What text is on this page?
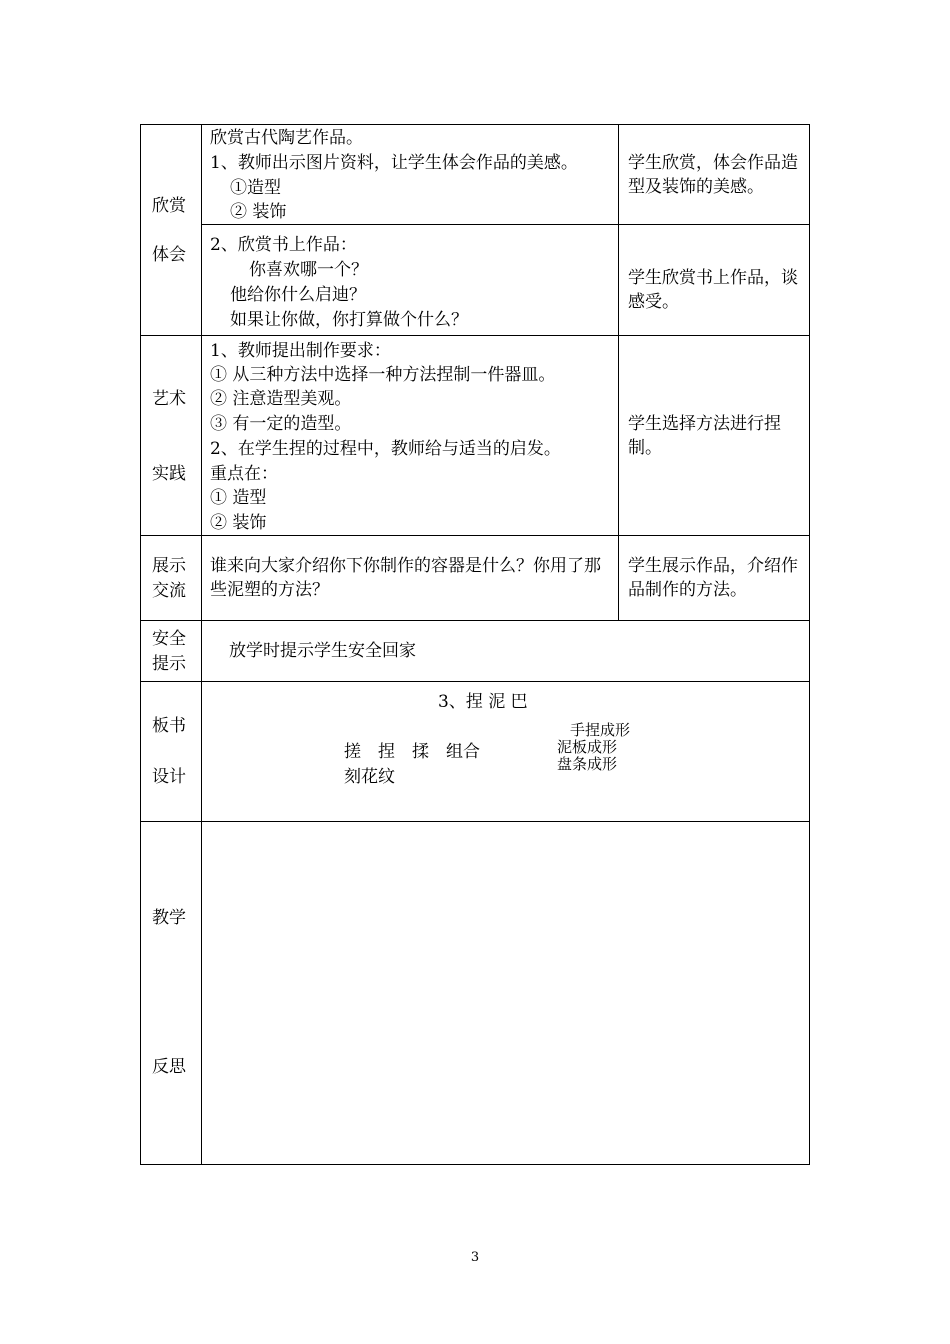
欣赏
体会
欣赏古代陶艺作品。
1、教师出示图片资料，让学生体会作品的美感。
①造型
② 装饰
学生欣赏，体会作品造型及装饰的美感。
2、欣赏书上作品：
你喜欢哪一个？
他给你什么启迪？
如果让你做，你打算做个什么？
学生欣赏书上作品，谈感受。
艺术
实践
1、教师提出制作要求：
① 从三种方法中选择一种方法捏制一件器皿。
② 注意造型美观。
③ 有一定的造型。
2、在学生捏的过程中，教师给与适当的启发。
重点在：
① 造型
② 装饰
学生选择方法进行捏制。
展示
交流
谁来向大家介绍你下你制作的容器是什么？你用了那些泥塑的方法？
学生展示作品，介绍作品制作的方法。
安全
提示
放学时提示学生安全回家
板书
设计
3、捏 泥 巴
搓　捏　揉　组合
刻花纹
手捏成形
泥板成形
盘条成形
教学
反思
3
